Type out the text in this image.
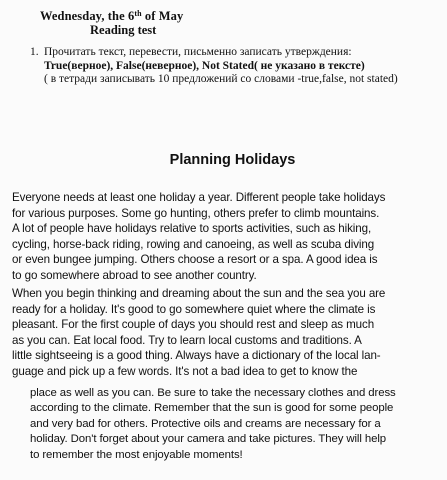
Wednesday, the 6th of May
Reading test
1. Прочитать текст, перевести, письменно записать утверждения:
True(верное), False(неверное), Not Stated( не указано в тексте)
( в тетради записывать 10 предложений со словами -true,false, not stated)
Planning Holidays
Everyone needs at least one holiday a year. Different people take holidays
for various purposes. Some go hunting, others prefer to climb mountains.
A lot of people have holidays relative to sports activities, such as hiking,
cycling, horse-back riding, rowing and canoeing, as well as scuba diving
or even bungee jumping. Others choose a resort or a spa. A good idea is
to go somewhere abroad to see another country.
When you begin thinking and dreaming about the sun and the sea you are
ready for a holiday. It's good to go somewhere quiet where the climate is
pleasant. For the first couple of days you should rest and sleep as much
as you can. Eat local food. Try to learn local customs and traditions. A
little sightseeing is a good thing. Always have a dictionary of the local lan-
guage and pick up a few words. It's not a bad idea to get to know the
place as well as you can. Be sure to take the necessary clothes and dress
according to the climate. Remember that the sun is good for some people
and very bad for others. Protective oils and creams are necessary for a
holiday. Don't forget about your camera and take pictures. They will help
to remember the most enjoyable moments!
